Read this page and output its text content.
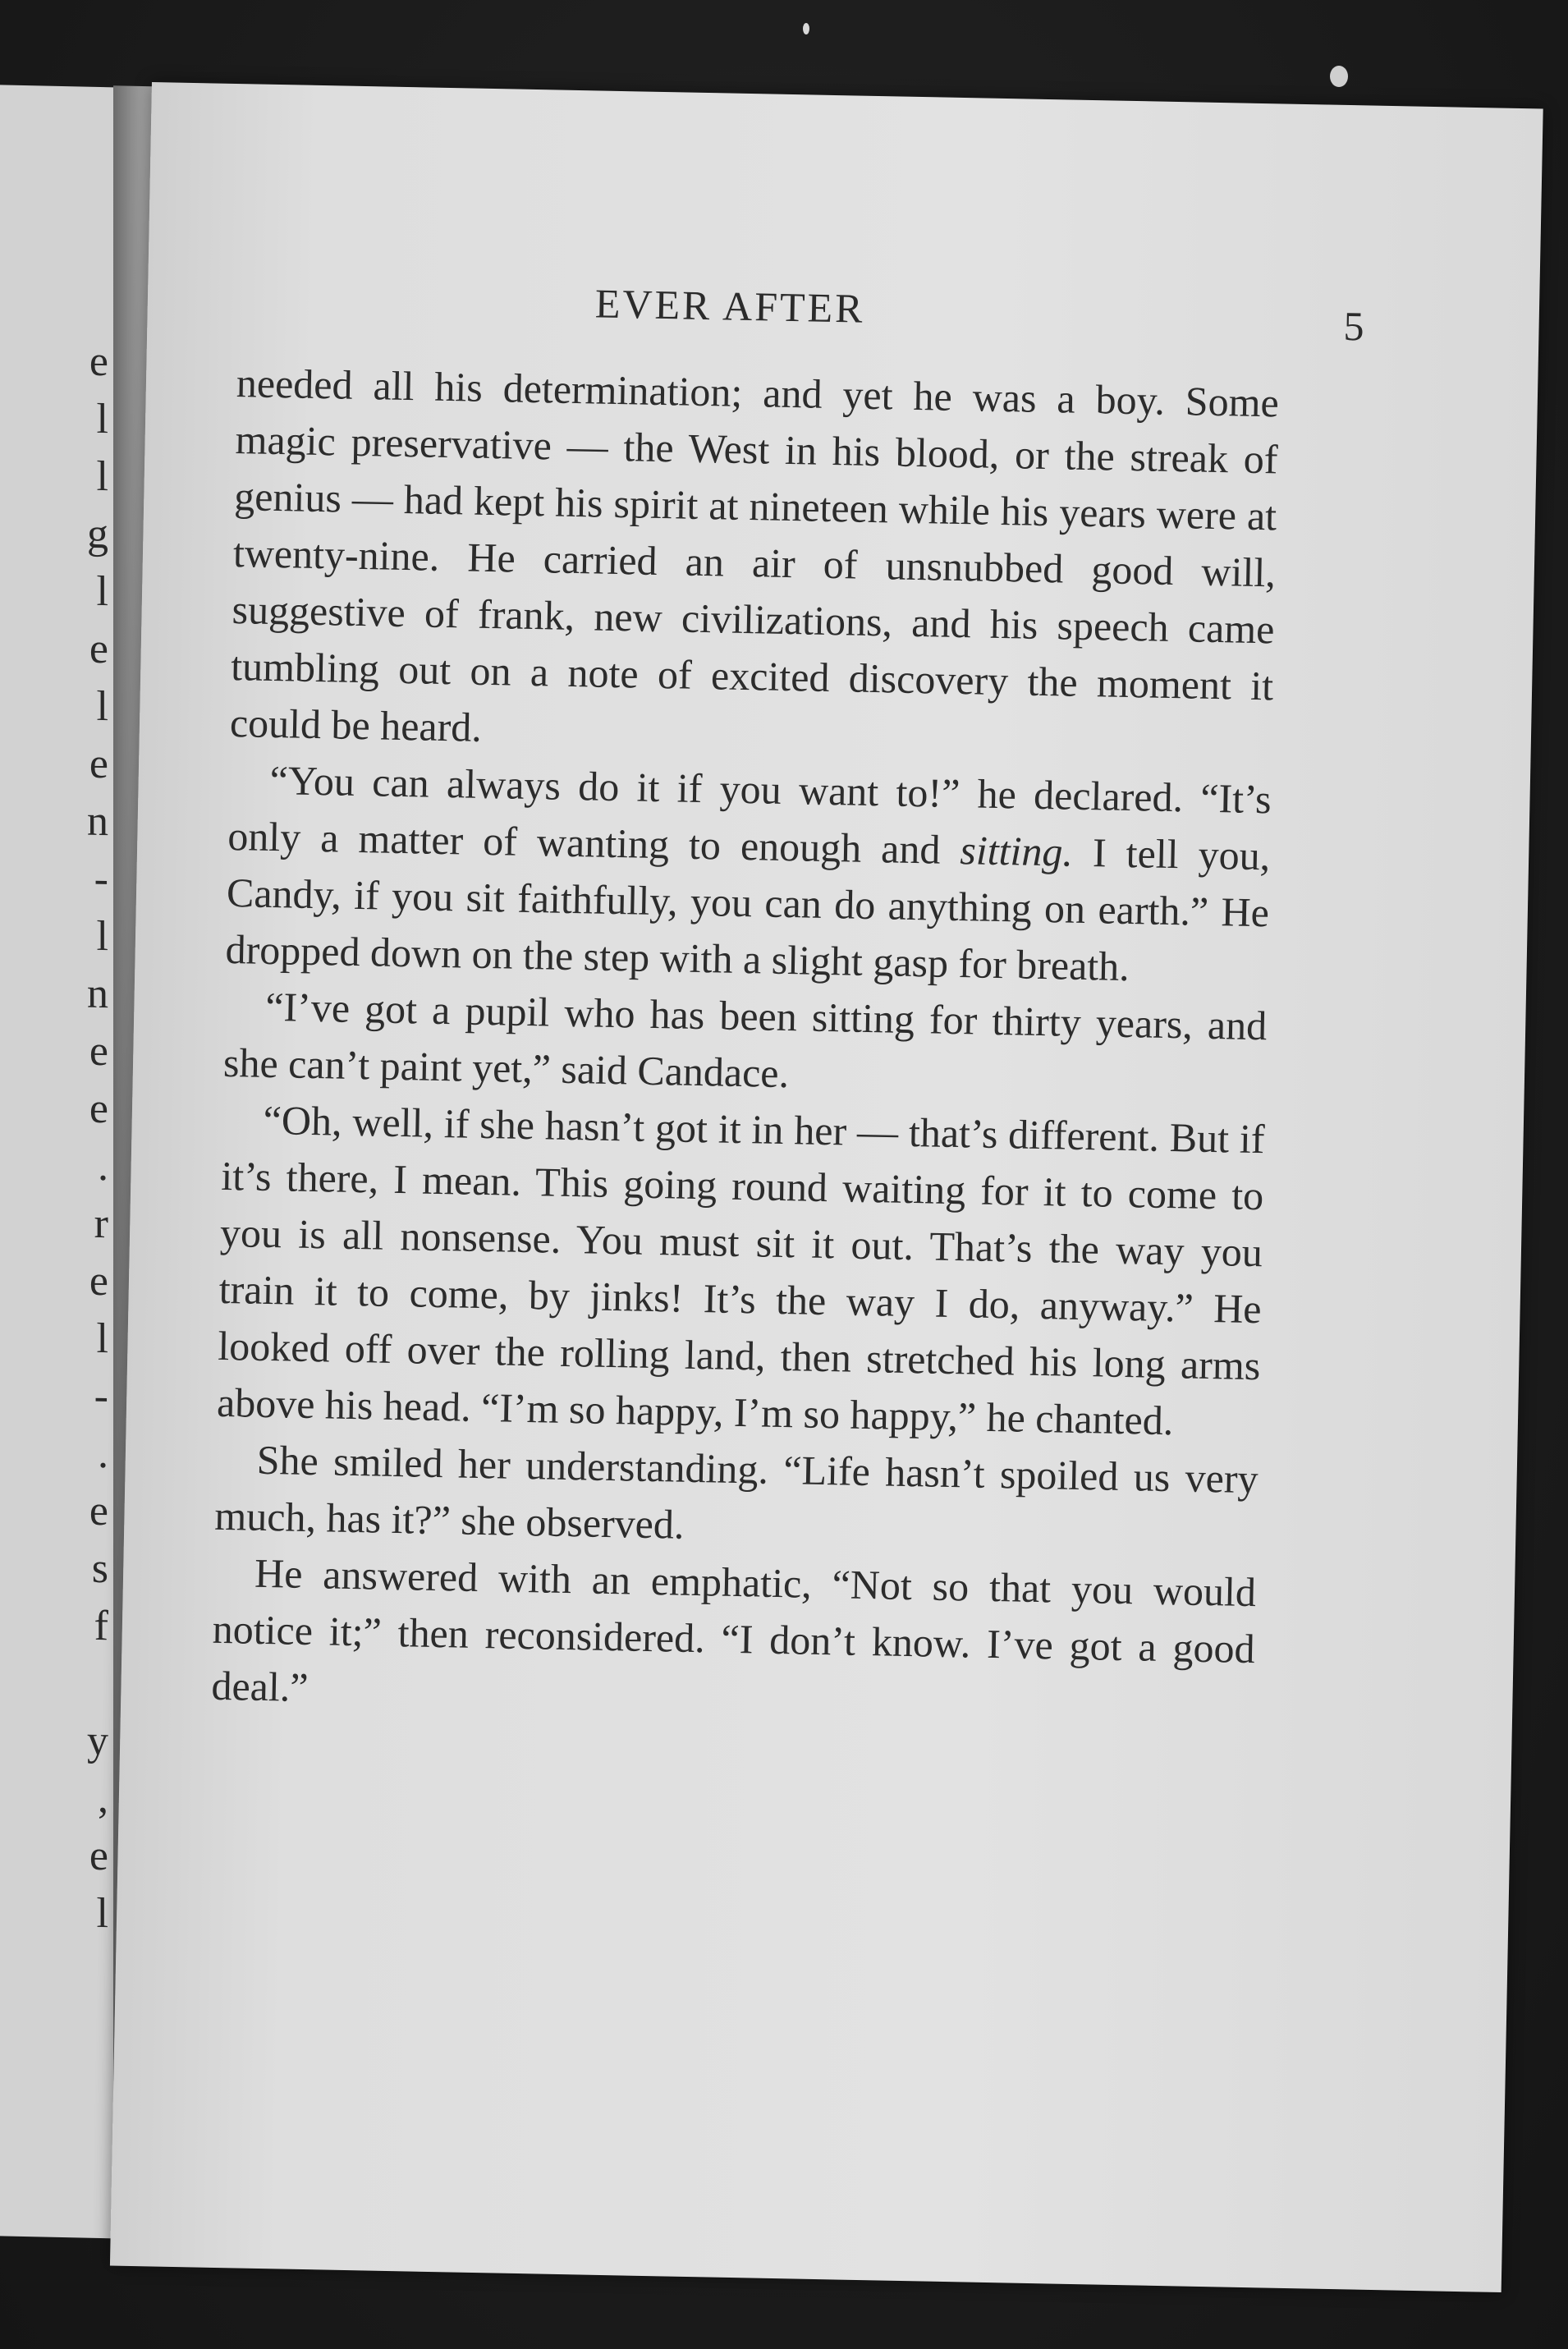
e
l
l
g
l
e
l
e
n
-
l
n
e
e
.
r
e
l
-
.
e
s
f
y
,
e
l
EVER AFTER	5

needed all his determination; and yet he was a boy. Some magic preservative — the West in his blood, or the streak of genius — had kept his spirit at nineteen while his years were at twenty-nine. He carried an air of unsnubbed good will, suggestive of frank, new civilizations, and his speech came tumbling out on a note of excited discovery the moment it could be heard.

“You can always do it if you want to!” he declared. “It’s only a matter of wanting to enough and sitting. I tell you, Candy, if you sit faithfully, you can do anything on earth.” He dropped down on the step with a slight gasp for breath.

“I’ve got a pupil who has been sitting for thirty years, and she can’t paint yet,” said Candace.

“Oh, well, if she hasn’t got it in her — that’s different. But if it’s there, I mean. This going round waiting for it to come to you is all nonsense. You must sit it out. That’s the way you train it to come, by jinks! It’s the way I do, anyway.” He looked off over the rolling land, then stretched his long arms above his head. “I’m so happy, I’m so happy,” he chanted.

She smiled her understanding. “Life hasn’t spoiled us very much, has it?” she observed.

He answered with an emphatic, “Not so that you would notice it;” then reconsidered. “I don’t know. I’ve got a good deal.”
